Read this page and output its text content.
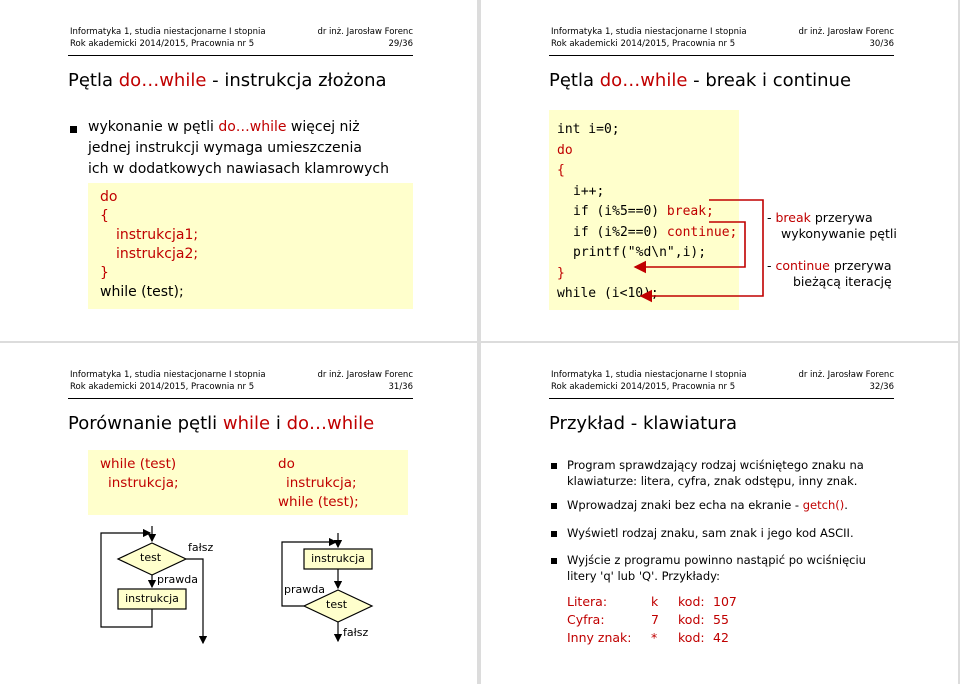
Informatyka 1, studia niestacjonarne I stopnia
Rok akademicki 2014/2015, Pracownia nr 5
dr inż. Jarosław Forenc
29/36
Pętla do…while - instrukcja złożona
wykonanie w pętli do…while więcej niż
jednej instrukcji wymaga umieszczenia
ich w dodatkowych nawiasach klamrowych
do
{
instrukcja1;
instrukcja2;
}
while (test);
Informatyka 1, studia niestacjonarne I stopnia
Rok akademicki 2014/2015, Pracownia nr 5
dr inż. Jarosław Forenc
30/36
Pętla do…while - break i continue
int i=0;
do
{
i++;
if (i%5==0) break;
if (i%2==0) continue;
printf("%d\n",i);
}
while (i<10);
- break przerywa
wykonywanie pętli
- continue przerywa
bieżącą iterację
Informatyka 1, studia niestacjonarne I stopnia
Rok akademicki 2014/2015, Pracownia nr 5
dr inż. Jarosław Forenc
31/36
Porównanie pętli while i do…while
while (test)
instrukcja;
do
instrukcja;
while (test);
test
fałsz
prawda
instrukcja
instrukcja
test
prawda
fałsz
Informatyka 1, studia niestacjonarne I stopnia
Rok akademicki 2014/2015, Pracownia nr 5
dr inż. Jarosław Forenc
32/36
Przykład - klawiatura
Program sprawdzający rodzaj wciśniętego znaku na
klawiaturze: litera, cyfra, znak odstępu, inny znak.
Wprowadzaj znaki bez echa na ekranie - getch().
Wyświetl rodzaj znaku, sam znak i jego kod ASCII.
Wyjście z programu powinno nastąpić po wciśnięciu
litery 'q' lub 'Q'. Przykłady:
Litera:	k kod: 107
Cyfra:	7 kod: 55
Inny znak: * kod: 42
